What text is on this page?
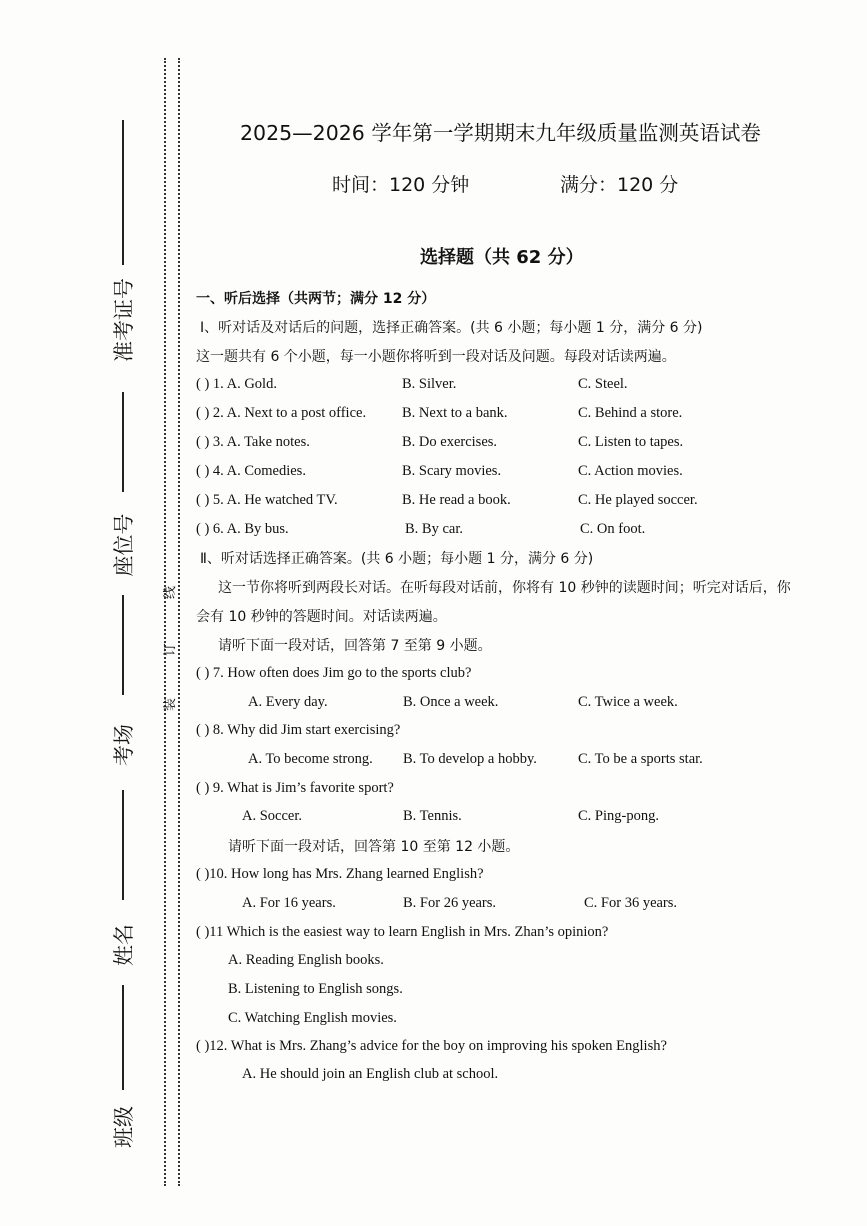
准考证号
座位号
考场
姓名
班级
线
订
装
2025—2026 学年第一学期期末九年级质量监测英语试卷
时间：120 分钟	满分：120 分
选择题（共 62 分）
一、听后选择（共两节；满分 12 分）
Ⅰ、听对话及对话后的问题，选择正确答案。(共 6 小题；每小题 1 分，满分 6 分)
这一题共有 6 个小题，每一小题你将听到一段对话及问题。每段对话读两遍。
( ) 1. A. Gold.	B. Silver.	C. Steel.
( ) 2. A. Next to a post office. B. Next to a bank.	C. Behind a store.
( ) 3. A. Take notes.	B. Do exercises.	C. Listen to tapes.
( ) 4. A. Comedies.	B. Scary movies.	C. Action movies.
( ) 5. A. He watched TV.	B. He read a book.	C. He played soccer.
( ) 6. A. By bus.	B. By car.	C. On foot.
Ⅱ、听对话选择正确答案。(共 6 小题；每小题 1 分，满分 6 分)
这一节你将听到两段长对话。在听每段对话前，你将有 10 秒钟的读题时间；听完对话后，你
会有 10 秒钟的答题时间。对话读两遍。
请听下面一段对话，回答第 7 至第 9 小题。
( ) 7. How often does Jim go to the sports club?
A. Every day.	B. Once a week.	C. Twice a week.
( ) 8. Why did Jim start exercising?
A. To become strong. B. To develop a hobby.	C. To be a sports star.
( ) 9. What is Jim’s favorite sport?
A. Soccer.	B. Tennis.	C. Ping-pong.
请听下面一段对话，回答第 10 至第 12 小题。
( )10. How long has Mrs. Zhang learned English?
A. For 16 years.	B. For 26 years.	C. For 36 years.
( )11 Which is the easiest way to learn English in Mrs. Zhan’s opinion?
A. Reading English books.
B. Listening to English songs.
C. Watching English movies.
( )12. What is Mrs. Zhang’s advice for the boy on improving his spoken English?
A. He should join an English club at school.
